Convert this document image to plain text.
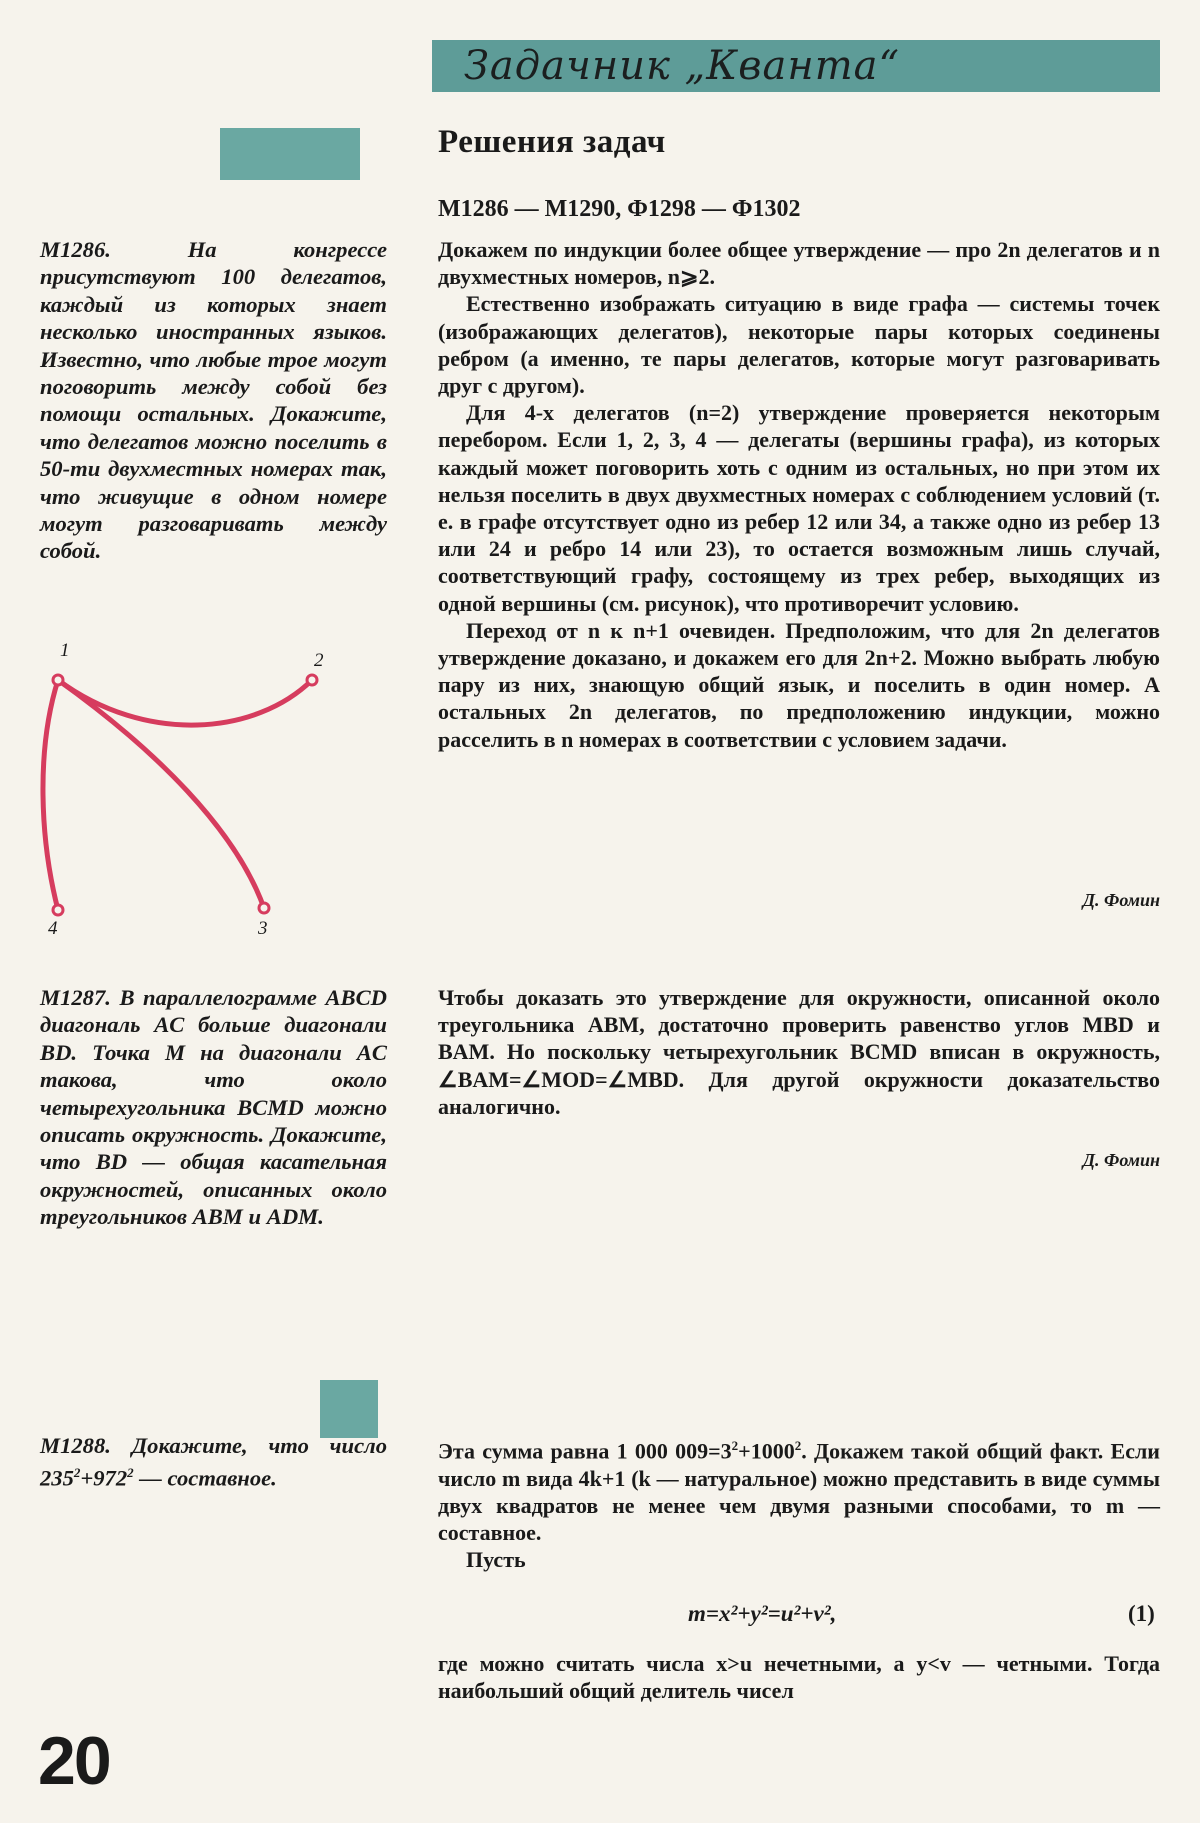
Задачник „Кванта“
Решения задач
М1286 — М1290, Ф1298 — Ф1302
М1286.	На конгрессе присутствуют 100 делегатов, каждый из которых знает несколько иностранных языков. Известно, что любые трое могут поговорить между собой без помощи остальных. Докажите, что делегатов можно поселить в 50-ти двухместных номерах так, что живущие в одном номере могут разговаривать между собой.
1	2
3
4

Докажем по индукции более общее утверждение — про 2n делегатов и n двухместных номеров, n⩾2.

Естественно изображать ситуацию в виде графа — системы точек (изображающих делегатов), некоторые пары которых соединены ребром (а именно, те пары делегатов, которые могут разговаривать друг с другом).

Для 4-х делегатов (n=2) утверждение проверяется некоторым перебором. Если 1, 2, 3, 4 — делегаты (вершины графа), из которых каждый может поговорить хоть с одним из остальных, но при этом их нельзя поселить в двух двухместных номерах с соблюдением условий (т. е. в графе отсутствует одно из ребер 12 или 34, а также одно из ребер 13 или 24 и ребро 14 или 23), то остается возможным лишь случай, соответствующий графу, состоящему из трех ребер, выходящих из одной вершины (см. рисунок), что противоречит условию.

Переход от n к n+1 очевиден. Предположим, что для 2n делегатов утверждение доказано, и докажем его для 2n+2. Можно выбрать любую пару из них, знающую общий язык, и поселить в один номер. А остальных 2n делегатов, по предположению индукции, можно расселить в n номерах в соответствии с условием задачи.

Д. Фомин
М1287. В параллелограмме ABCD диагональ AC больше диагонали BD. Точка M на диагонали AC такова, что около четырехугольника BCMD можно описать окружность. Докажите, что BD — общая касательная окружностей, описанных около треугольников ABM и ADM.

Чтобы доказать это утверждение для окружности, описанной около треугольника ABM, достаточно проверить равенство углов MBD и BAM. Но поскольку четырехугольник BCMD вписан в окружность, ∠BAM=∠MOD=∠MBD. Для другой окружности доказательство аналогично.

Д. Фомин
М1288. Докажите, что число $235^2+972^2$ — составное.

Эта сумма равна 1 000 $009=3^2+1000^2$. Докажем такой общий факт. Если число m вида 4k+1 (k — натуральное) можно представить в виде суммы двух квадратов не менее чем двумя разными способами, то m — составное.

Пусть

m=x²+y²=u²+v²,	(1)

где можно считать числа x>u нечетными, а y<v — четными. Тогда наибольший общий делитель чисел

20
